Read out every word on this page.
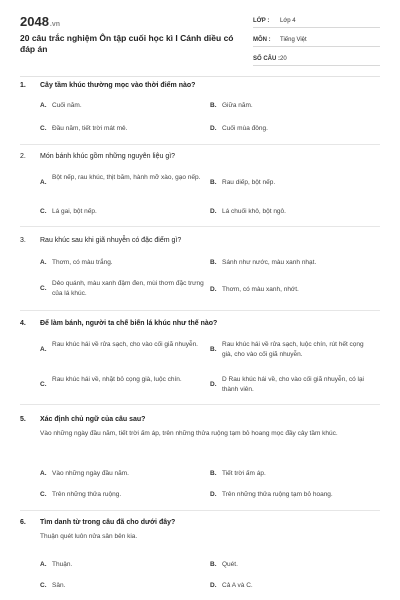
2048.vn
20 câu trắc nghiệm Ôn tập cuối học kì I Cánh diều có đáp án
LỚP :	Lớp 4
MÔN :	Tiếng Việt
SỐ CÂU : 20
1. Cây tầm khúc thường mọc vào thời điểm nào?
A. Cuối năm.	B. Giữa năm.
C. Đầu năm, tiết trời mát mẻ.	D. Cuối mùa đông.
2. Món bánh khúc gồm những nguyên liệu gì?
A.
Bột nếp, rau khúc, thịt băm, hành mỡ xào, gạo nếp.
B. Rau diếp, bột nếp.
C. Lá gai, bột nếp.	D. Lá chuối khô, bột ngô.
3. Rau khúc sau khi giã nhuyễn có đặc điểm gì?
A. Thơm, có màu trắng.	B. Sánh như nước, màu xanh nhạt.
C.
Dẻo quánh, màu xanh đậm đen, mùi thơm đặc trưng của lá khúc.
D. Thơm, có màu xanh, nhớt.
4. Để làm bánh, người ta chế biến lá khúc như thế nào?
A.
Rau khúc hái về rửa sạch, cho vào cối giã nhuyễn.
B.
Rau khúc hái về rửa sạch, luộc chín, rút hết cọng già, cho vào cối giã nhuyễn.
C.
Rau khúc hái về, nhặt bỏ cọng già, luộc chín.
D.
D Rau khúc hái về, cho vào cối giã nhuyễn, có lại thành viên.
5. Xác định chủ ngữ của câu sau?
Vào những ngày đầu năm, tiết trời ấm áp, trên những thửa ruộng tạm bỏ hoang mọc đầy cây tầm khúc.
A. Vào những ngày đầu năm.	B. Tiết trời ấm áp.
C. Trên những thửa ruộng.	D. Trên những thửa ruộng tạm bỏ hoang.
6. Tìm danh từ trong câu đã cho dưới đây?
Thuận quét luôn nửa sân bên kia.
A. Thuận.	B. Quét.
C. Sân.	D. Cả A và C.
